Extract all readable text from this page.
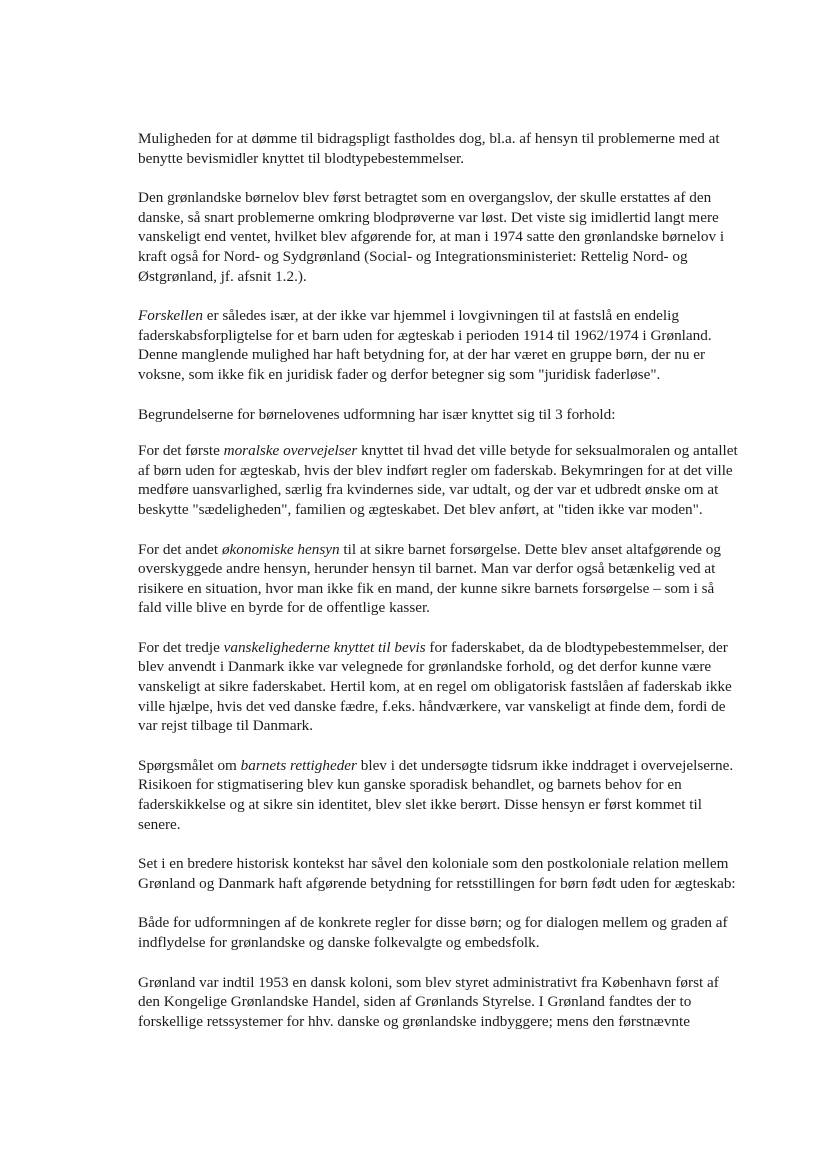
Muligheden for at dømme til bidragspligt fastholdes dog, bl.a. af hensyn til problemerne med at benytte bevismidler knyttet til blodtypebestemmelser.

Den grønlandske børnelov blev først betragtet som en overgangslov, der skulle erstattes af den danske, så snart problemerne omkring blodprøverne var løst. Det viste sig imidlertid langt mere vanskeligt end ventet, hvilket blev afgørende for, at man i 1974 satte den grønlandske børnelov i kraft også for Nord- og Sydgrønland (Social- og Integrationsministeriet: Rettelig Nord- og Østgrønland, jf. afsnit 1.2.).

Forskellen er således især, at der ikke var hjemmel i lovgivningen til at fastslå en endelig faderskabsforpligtelse for et barn uden for ægteskab i perioden 1914 til 1962/1974 i Grønland. Denne manglende mulighed har haft betydning for, at der har været en gruppe børn, der nu er voksne, som ikke fik en juridisk fader og derfor betegner sig som "juridisk faderløse".

Begrundelserne for børnelovenes udformning har især knyttet sig til 3 forhold:

For det første moralske overvejelser knyttet til hvad det ville betyde for seksualmoralen og antallet af børn uden for ægteskab, hvis der blev indført regler om faderskab. Bekymringen for at det ville medføre uansvarlighed, særlig fra kvindernes side, var udtalt, og der var et udbredt ønske om at beskytte "sædeligheden", familien og ægteskabet. Det blev anført, at "tiden ikke var moden".

For det andet økonomiske hensyn til at sikre barnet forsørgelse. Dette blev anset altafgørende og overskyggede andre hensyn, herunder hensyn til barnet. Man var derfor også betænkelig ved at risikere en situation, hvor man ikke fik en mand, der kunne sikre barnets forsørgelse – som i så fald ville blive en byrde for de offentlige kasser.

For det tredje vanskelighederne knyttet til bevis for faderskabet, da de blodtypebestemmelser, der blev anvendt i Danmark ikke var velegnede for grønlandske forhold, og det derfor kunne være vanskeligt at sikre faderskabet. Hertil kom, at en regel om obligatorisk fastslåen af faderskab ikke ville hjælpe, hvis det ved danske fædre, f.eks. håndværkere, var vanskeligt at finde dem, fordi de var rejst tilbage til Danmark.

Spørgsmålet om barnets rettigheder blev i det undersøgte tidsrum ikke inddraget i overvejelserne. Risikoen for stigmatisering blev kun ganske sporadisk behandlet, og barnets behov for en faderskikkelse og at sikre sin identitet, blev slet ikke berørt. Disse hensyn er først kommet til senere.

Set i en bredere historisk kontekst har såvel den koloniale som den postkoloniale relation mellem Grønland og Danmark haft afgørende betydning for retsstillingen for børn født uden for ægteskab:

Både for udformningen af de konkrete regler for disse børn; og for dialogen mellem og graden af indflydelse for grønlandske og danske folkevalgte og embedsfolk.

Grønland var indtil 1953 en dansk koloni, som blev styret administrativt fra København først af den Kongelige Grønlandske Handel, siden af Grønlands Styrelse. I Grønland fandtes der to forskellige retssystemer for hhv. danske og grønlandske indbyggere; mens den førstnævnte
